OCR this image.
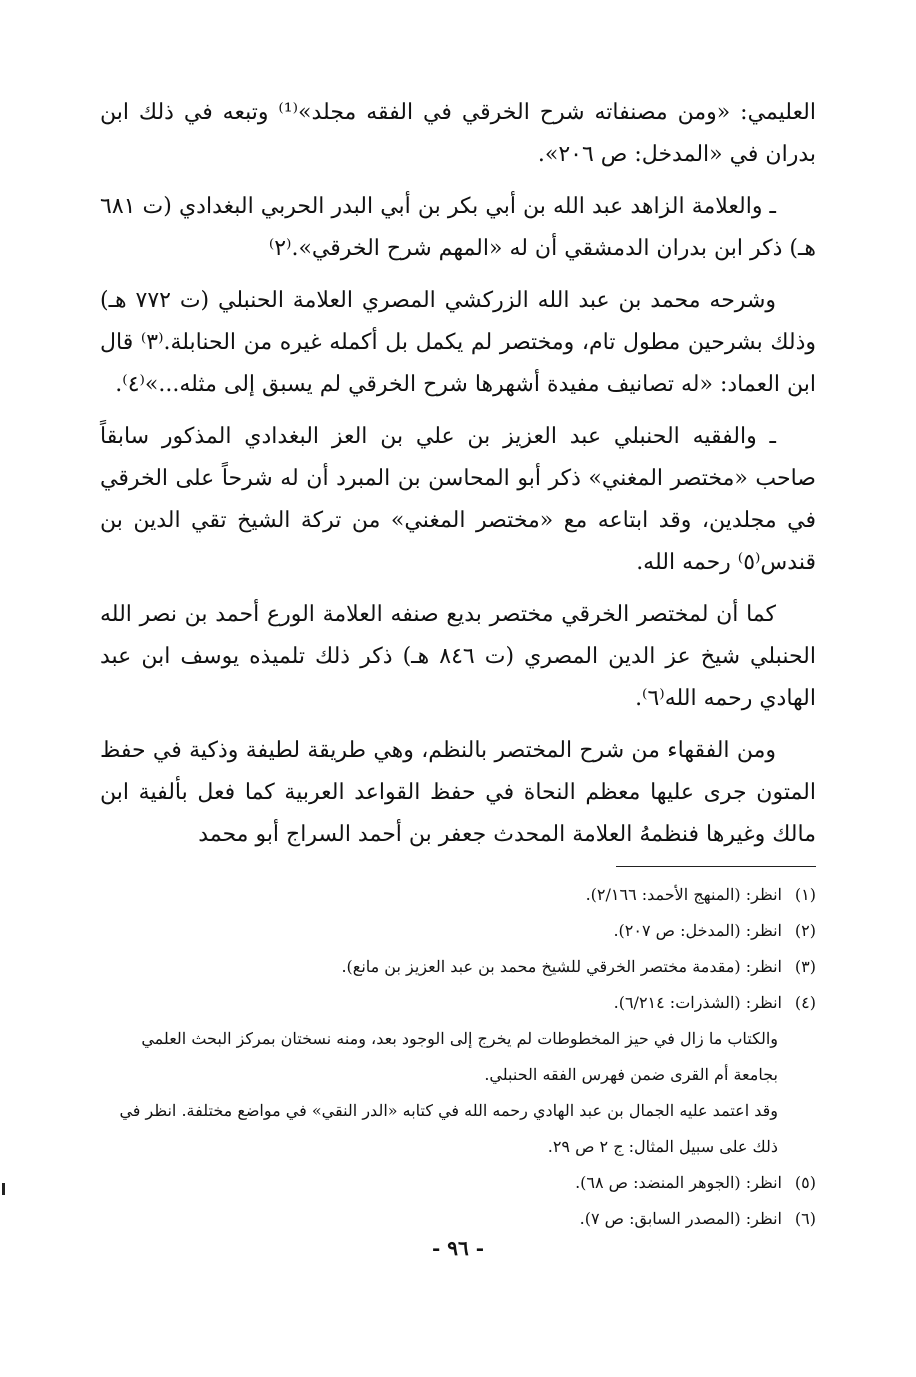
العليمي: «ومن مصنفاته شرح الخرقي في الفقه مجلد»⁽¹⁾ وتبعه في ذلك ابن بدران في «المدخل: ص ٢٠٦».

ـ والعلامة الزاهد عبد الله بن أبي بكر بن أبي البدر الحربي البغدادي (ت ٦٨١ هـ) ذكر ابن بدران الدمشقي أن له «المهم شرح الخرقي».⁽٢⁾

وشرحه محمد بن عبد الله الزركشي المصري العلامة الحنبلي (ت ٧٧٢ هـ) وذلك بشرحين مطول تام، ومختصر لم يكمل بل أكمله غيره من الحنابلة.⁽٣⁾ قال ابن العماد: «له تصانيف مفيدة أشهرها شرح الخرقي لم يسبق إلى مثله...»⁽٤⁾.

ـ والفقيه الحنبلي عبد العزيز بن علي بن العز البغدادي المذكور سابقاً صاحب «مختصر المغني» ذكر أبو المحاسن بن المبرد أن له شرحاً على الخرقي في مجلدين، وقد ابتاعه مع «مختصر المغني» من تركة الشيخ تقي الدين بن قندس⁽٥⁾ رحمه الله.

كما أن لمختصر الخرقي مختصر بديع صنفه العلامة الورع أحمد بن نصر الله الحنبلي شيخ عز الدين المصري (ت ٨٤٦ هـ) ذكر ذلك تلميذه يوسف ابن عبد الهادي رحمه الله⁽٦⁾.

ومن الفقهاء من شرح المختصر بالنظم، وهي طريقة لطيفة وذكية في حفظ المتون جرى عليها معظم النحاة في حفظ القواعد العربية كما فعل بألفية ابن مالك وغيرها فنظمهُ العلامة المحدث جعفر بن أحمد السراج أبو محمد

(١)انظر: (المنهج الأحمد: ٢/١٦٦).

(٢)انظر: (المدخل: ص ٢٠٧).

(٣)انظر: (مقدمة مختصر الخرقي للشيخ محمد بن عبد العزيز بن مانع).

(٤)انظر: (الشذرات: ٦/٢١٤).

والكتاب ما زال في حيز المخطوطات لم يخرج إلى الوجود بعد، ومنه نسختان بمركز البحث العلمي بجامعة أم القرى ضمن فهرس الفقه الحنبلي.

وقد اعتمد عليه الجمال بن عبد الهادي رحمه الله في كتابه «الدر النقي» في مواضع مختلفة. انظر في ذلك على سبيل المثال: ج ٢ ص ٢٩.

(٥)انظر: (الجوهر المنضد: ص ٦٨).

(٦)انظر: (المصدر السابق: ص ٧).

- ٩٦ -
